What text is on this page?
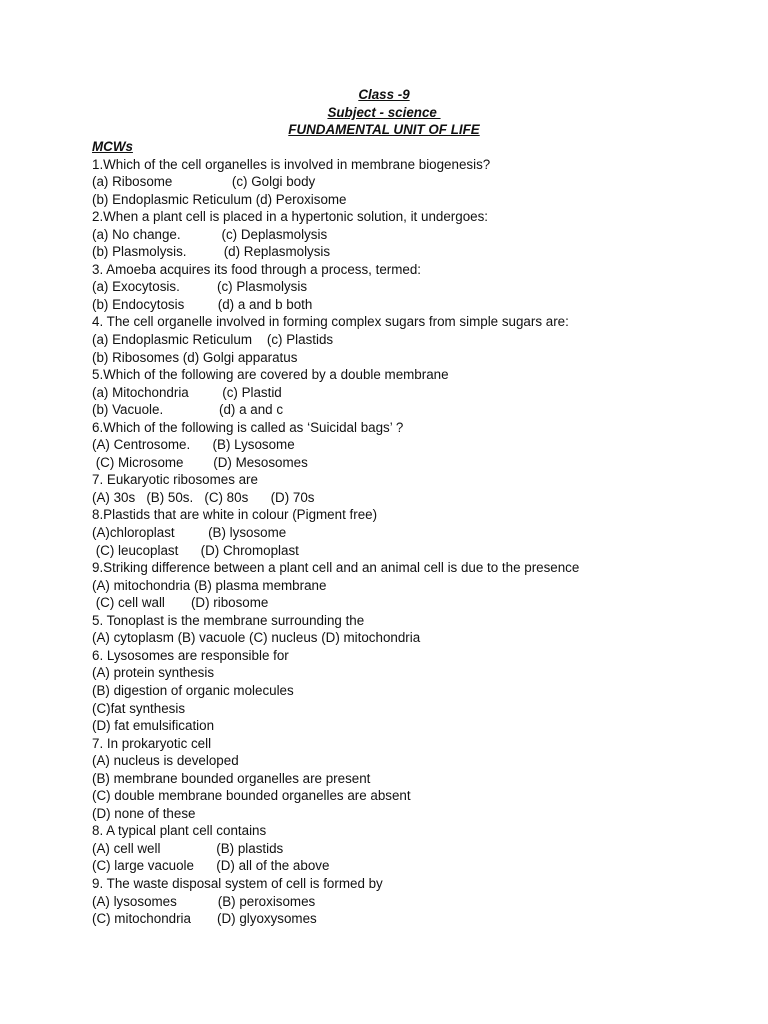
Class -9
Subject - science
FUNDAMENTAL UNIT OF LIFE
MCWs
1.Which of the cell organelles is involved in membrane biogenesis?
(a) Ribosome                (c) Golgi body
(b) Endoplasmic Reticulum (d) Peroxisome
2.When a plant cell is placed in a hypertonic solution, it undergoes:
(a) No change.           (c) Deplasmolysis
(b) Plasmolysis.          (d) Replasmolysis
3. Amoeba acquires its food through a process, termed:
(a) Exocytosis.          (c) Plasmolysis
(b) Endocytosis         (d) a and b both
4. The cell organelle involved in forming complex sugars from simple sugars are:
(a) Endoplasmic Reticulum    (c) Plastids
(b) Ribosomes (d) Golgi apparatus
5.Which of the following are covered by a double membrane
(a) Mitochondria         (c) Plastid
(b) Vacuole.               (d) a and c
6.Which of the following is called as ‘Suicidal bags’ ?
(A) Centrosome.      (B) Lysosome
(C) Microsome        (D) Mesosomes
7. Eukaryotic ribosomes are
(A) 30s   (B) 50s.   (C) 80s      (D) 70s
8.Plastids that are white in colour (Pigment free)
(A)chloroplast         (B) lysosome
(C) leucoplast      (D) Chromoplast
9.Striking difference between a plant cell and an animal cell is due to the presence
(A) mitochondria (B) plasma membrane
(C) cell wall       (D) ribosome
5. Tonoplast is the membrane surrounding the
(A) cytoplasm (B) vacuole (C) nucleus (D) mitochondria
6. Lysosomes are responsible for
(A) protein synthesis
(B) digestion of organic molecules
(C)fat synthesis
(D) fat emulsification
7. In prokaryotic cell
(A) nucleus is developed
(B) membrane bounded organelles are present
(C) double membrane bounded organelles are absent
(D) none of these
8. A typical plant cell contains
(A) cell well               (B) plastids
(C) large vacuole      (D) all of the above
9. The waste disposal system of cell is formed by
(A) lysosomes           (B) peroxisomes
(C) mitochondria       (D) glyoxysomes
